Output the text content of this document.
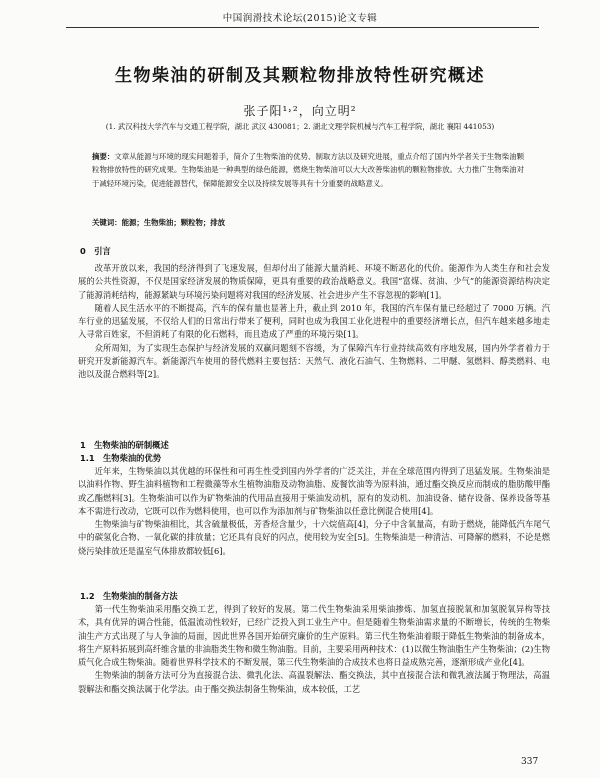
中国润滑技术论坛(2015)论文专辑
生物柴油的研制及其颗粒物排放特性研究概述
张子阳¹˒²，向立明²
(1. 武汉科技大学汽车与交通工程学院，湖北 武汉 430081；2. 湖北文理学院机械与汽车工程学院，湖北 襄阳 441053)
摘要：文章从能源与环境的现实问题着手，简介了生物柴油的优势、制取方法以及研究进展，重点介绍了国内外学者关于生物柴油颗粒物排放特性的研究成果。生物柴油是一种典型的绿色能源，燃烧生物柴油可以大大改善柴油机的颗粒物排放。大力推广生物柴油对于减轻环境污染，促进能源替代，保障能源安全以及持续发展等具有十分重要的战略意义。
关键词：能源；生物柴油；颗粒物；排放
0　引言

改革开放以来，我国的经济得到了飞速发展，但却付出了能源大量消耗、环境不断恶化的代价。能源作为人类生存和社会发展的公共性资源，不仅是国家经济发展的物质保障，更具有重要的政治战略意义。我国“富煤、贫油、少气”的能源资源结构决定了能源消耗结构，能源紧缺与环境污染问题将对我国的经济发展、社会进步产生不容忽视的影响[1]。

随着人民生活水平的不断提高，汽车的保有量也显著上升，截止到 2010 年，我国的汽车保有量已经超过了 7000 万辆。汽车行业的迅猛发展，不仅给人们的日常出行带来了便利，同时也成为我国工业化进程中的重要经济增长点，但汽车越来越多地走入寻常百姓家，不但消耗了有限的化石燃料，而且造成了严重的环境污染[1]。

众所周知，为了实现生态保护与经济发展的双赢问题刻不容缓，为了保障汽车行业持续高效有序地发展，国内外学者着力于研究开发新能源汽车。新能源汽车使用的替代燃料主要包括：天然气、液化石油气、生物燃料、二甲醚、氢燃料、醇类燃料、电池以及混合燃料等[2]。

1　生物柴油的研制概述
1.1　生物柴油的优势

近年来，生物柴油以其优越的环保性和可再生性受到国内外学者的广泛关注，并在全球范围内得到了迅猛发展。生物柴油是以油料作物、野生油料植物和工程微藻等水生植物油脂及动物油脂、废餐饮油等为原料油，通过酯交换反应而制成的脂肪酸甲酯或乙酯燃料[3]。生物柴油可以作为矿物柴油的代用品直接用于柴油发动机，原有的发动机、加油设备、储存设备、保养设备等基本不需进行改动，它既可以作为燃料使用，也可以作为添加剂与矿物柴油以任意比例混合使用[4]。

生物柴油与矿物柴油相比，其含硫量极低，芳香烃含量少，十六烷值高[4]，分子中含氧量高，有助于燃烧，能降低汽车尾气中的碳氢化合物、一氧化碳的排放量；它还具有良好的闪点，使用较为安全[5]。生物柴油是一种清洁、可降解的燃料，不论是燃烧污染排放还是温室气体排放都较低[6]。

1.2　生物柴油的制备方法

第一代生物柴油采用酯交换工艺，得到了较好的发展。第二代生物柴油采用柴油掺炼、加氢直接脱氧和加氢脱氧异构等技术，具有优异的调合性能，低温流动性较好，已经广泛投入到工业生产中。但是随着生物柴油需求量的不断增长，传统的生物柴油生产方式出现了与人争油的局面，因此世界各国开始研究廉价的生产原料。第三代生物柴油着眼于降低生物柴油的制备成本，将生产原料拓展到高纤维含量的非油脂类生物和微生物油脂。目前，主要采用两种技术：(1)以微生物油脂生产生物柴油；(2)生物质气化合成生物柴油。随着世界科学技术的不断发展，第三代生物柴油的合成技术也将日益成熟完善，逐渐形成产业化[4]。

生物柴油的制备方法可分为直接混合法、微乳化法、高温裂解法、酯交换法，其中直接混合法和微乳液法属于物理法，高温裂解法和酯交换法属于化学法。由于酯交换法制备生物柴油，成本较低，工艺

337
